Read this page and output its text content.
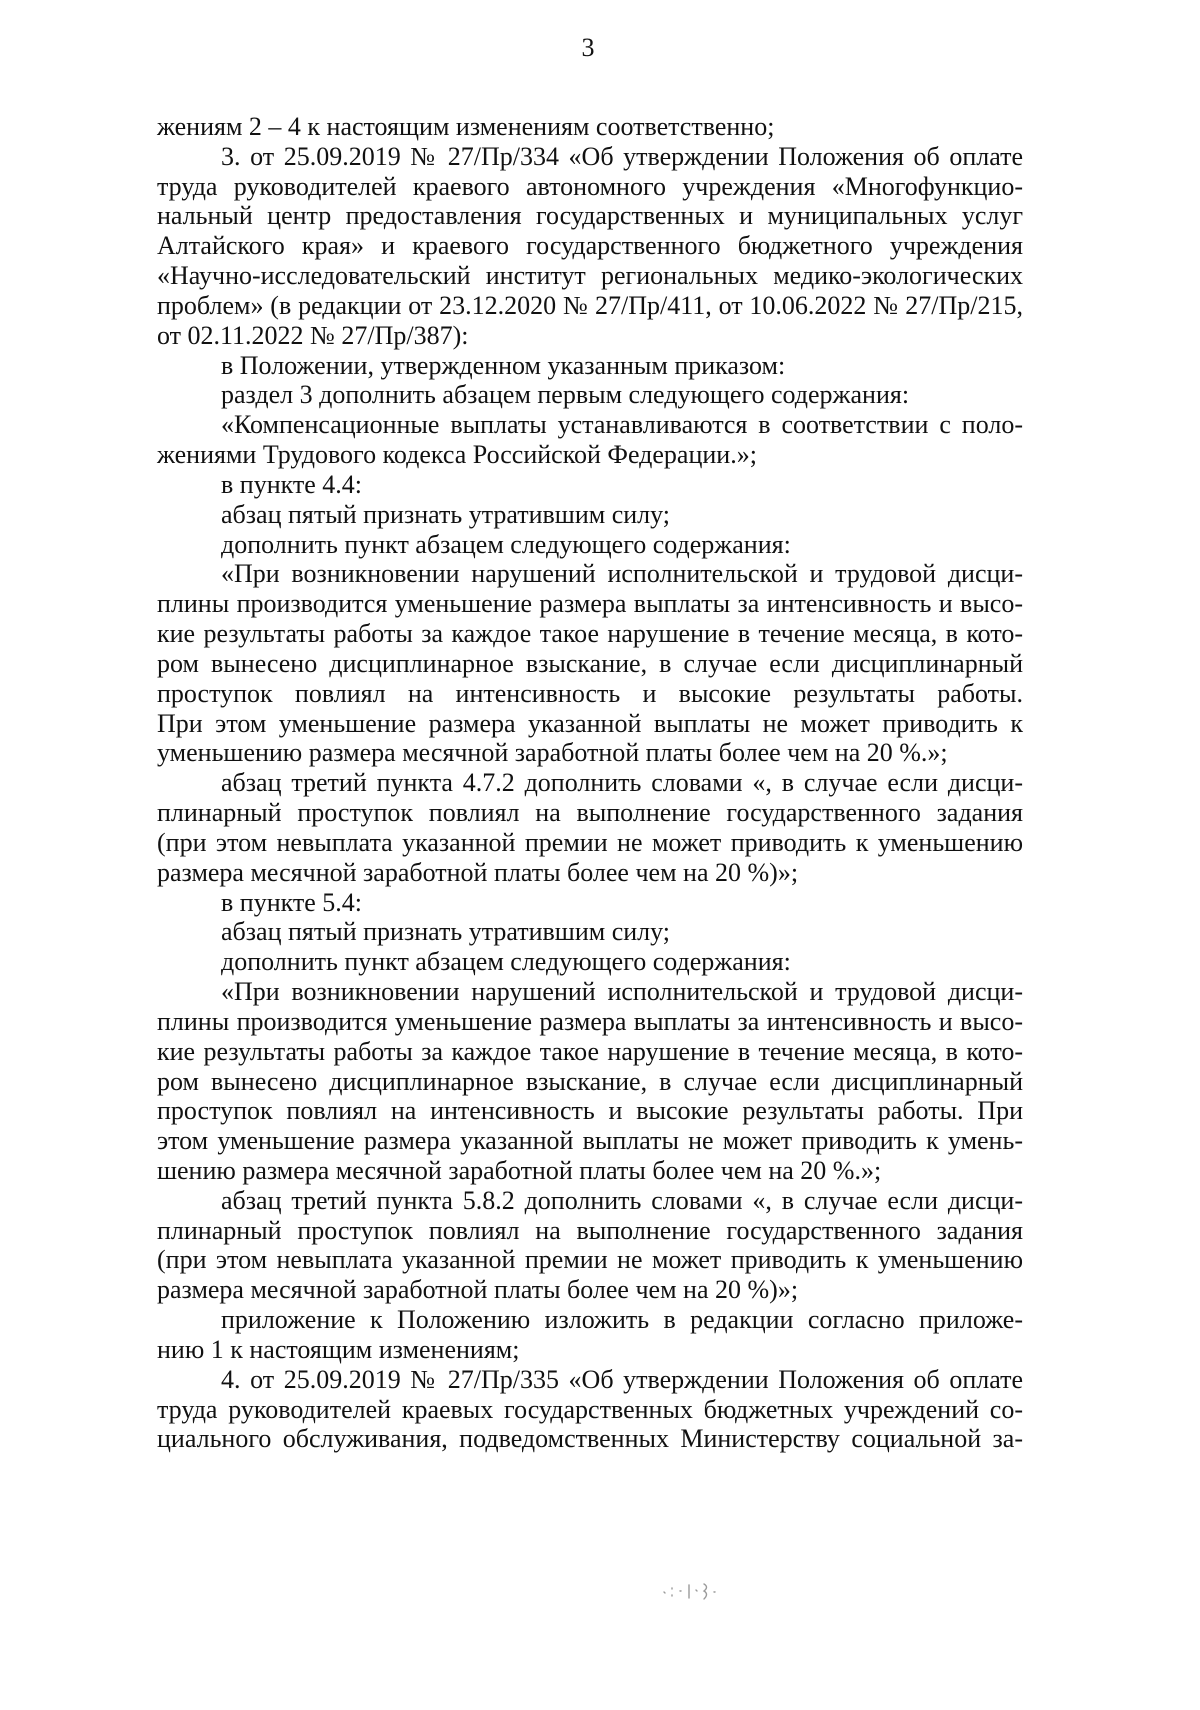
3
жениям 2 – 4 к настоящим изменениям соответственно;
3. от 25.09.2019 № 27/Пр/334 «Об утверждении Положения об оплате
труда руководителей краевого автономного учреждения «Многофункцио-
нальный центр предоставления государственных и муниципальных услуг
Алтайского края» и краевого государственного бюджетного учреждения
«Научно-исследовательский институт региональных медико-экологических
проблем» (в редакции от 23.12.2020 № 27/Пр/411, от 10.06.2022 № 27/Пр/215,
от 02.11.2022 № 27/Пр/387):
в Положении, утвержденном указанным приказом:
раздел 3 дополнить абзацем первым следующего содержания:
«Компенсационные выплаты устанавливаются в соответствии с поло-
жениями Трудового кодекса Российской Федерации.»;
в пункте 4.4:
абзац пятый признать утратившим силу;
дополнить пункт абзацем следующего содержания:
«При возникновении нарушений исполнительской и трудовой дисци-
плины производится уменьшение размера выплаты за интенсивность и высо-
кие результаты работы за каждое такое нарушение в течение месяца, в кото-
ром вынесено дисциплинарное взыскание, в случае если дисциплинарный
проступок повлиял на интенсивность и высокие результаты работы.
При этом уменьшение размера указанной выплаты не может приводить к
уменьшению размера месячной заработной платы более чем на 20 %.»;
абзац третий пункта 4.7.2 дополнить словами «, в случае если дисци-
плинарный проступок повлиял на выполнение государственного задания
(при этом невыплата указанной премии не может приводить к уменьшению
размера месячной заработной платы более чем на 20 %)»;
в пункте 5.4:
абзац пятый признать утратившим силу;
дополнить пункт абзацем следующего содержания:
«При возникновении нарушений исполнительской и трудовой дисци-
плины производится уменьшение размера выплаты за интенсивность и высо-
кие результаты работы за каждое такое нарушение в течение месяца, в кото-
ром вынесено дисциплинарное взыскание, в случае если дисциплинарный
проступок повлиял на интенсивность и высокие результаты работы. При
этом уменьшение размера указанной выплаты не может приводить к умень-
шению размера месячной заработной платы более чем на 20 %.»;
абзац третий пункта 5.8.2 дополнить словами «, в случае если дисци-
плинарный проступок повлиял на выполнение государственного задания
(при этом невыплата указанной премии не может приводить к уменьшению
размера месячной заработной платы более чем на 20 %)»;
приложение к Положению изложить в редакции согласно приложе-
нию 1 к настоящим изменениям;
4. от 25.09.2019 № 27/Пр/335 «Об утверждении Положения об оплате
труда руководителей краевых государственных бюджетных учреждений со-
циального обслуживания, подведомственных Министерству социальной за-
